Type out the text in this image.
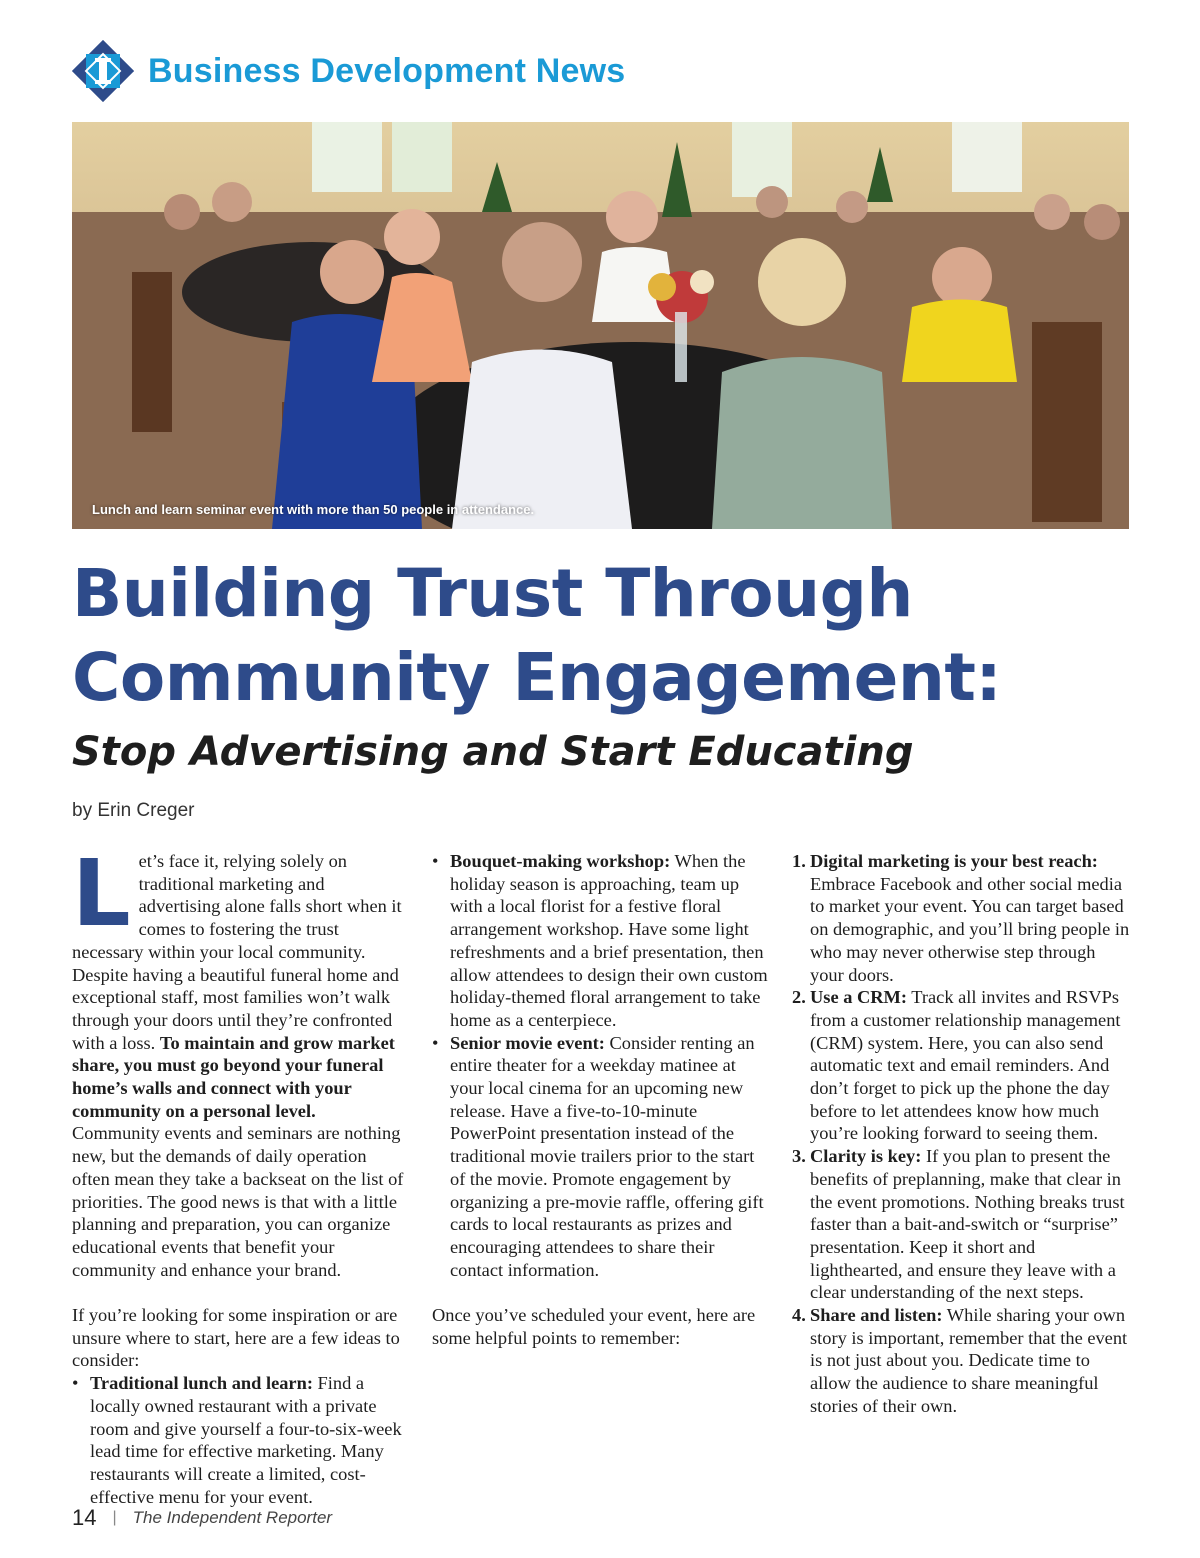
Business Development News
Lunch and learn seminar event with more than 50 people in attendance.
Building Trust Through
Community Engagement:
Stop Advertising and Start Educating
by Erin Creger

Let’s face it, relying solely on traditional marketing and advertising alone falls short when it comes to fostering the trust necessary within your local community. Despite having a beautiful funeral home and exceptional staff, most families won’t walk through your doors until they’re confronted with a loss. To maintain and grow market share, you must go beyond your funeral home’s walls and connect with your community on a personal level.

Community events and seminars are nothing new, but the demands of daily operation often mean they take a backseat on the list of priorities. The good news is that with a little planning and preparation, you can organize educational events that benefit your community and enhance your brand.

If you’re looking for some inspiration or are unsure where to start, here are a few ideas to consider:

• Traditional lunch and learn: Find a locally owned restaurant with a private room and give yourself a four-to-six-week lead time for effective marketing. Many restaurants will create a limited, cost-effective menu for your event.
• Bouquet-making workshop: When the holiday season is approaching, team up with a local florist for a festive floral arrangement workshop. Have some light refreshments and a brief presentation, then allow attendees to design their own custom holiday-themed floral arrangement to take home as a centerpiece.
• Senior movie event: Consider renting an entire theater for a weekday matinee at your local cinema for an upcoming new release. Have a five-to-10-minute PowerPoint presentation instead of the traditional movie trailers prior to the start of the movie. Promote engagement by organizing a pre-movie raffle, offering gift cards to local restaurants as prizes and encouraging attendees to share their contact information.

Once you’ve scheduled your event, here are some helpful points to remember:

1. Digital marketing is your best reach: Embrace Facebook and other social media to market your event. You can target based on demographic, and you’ll bring people in who may never otherwise step through your doors.
2. Use a CRM: Track all invites and RSVPs from a customer relationship management (CRM) system. Here, you can also send automatic text and email reminders. And don’t forget to pick up the phone the day before to let attendees know how much you’re looking forward to seeing them.
3. Clarity is key: If you plan to present the benefits of preplanning, make that clear in the event promotions. Nothing breaks trust faster than a bait-and-switch or “surprise” presentation. Keep it short and lighthearted, and ensure they leave with a clear understanding of the next steps.
4. Share and listen: While sharing your own story is important, remember that the event is not just about you. Dedicate time to allow the audience to share meaningful stories of their own.
14 | The Independent Reporter
